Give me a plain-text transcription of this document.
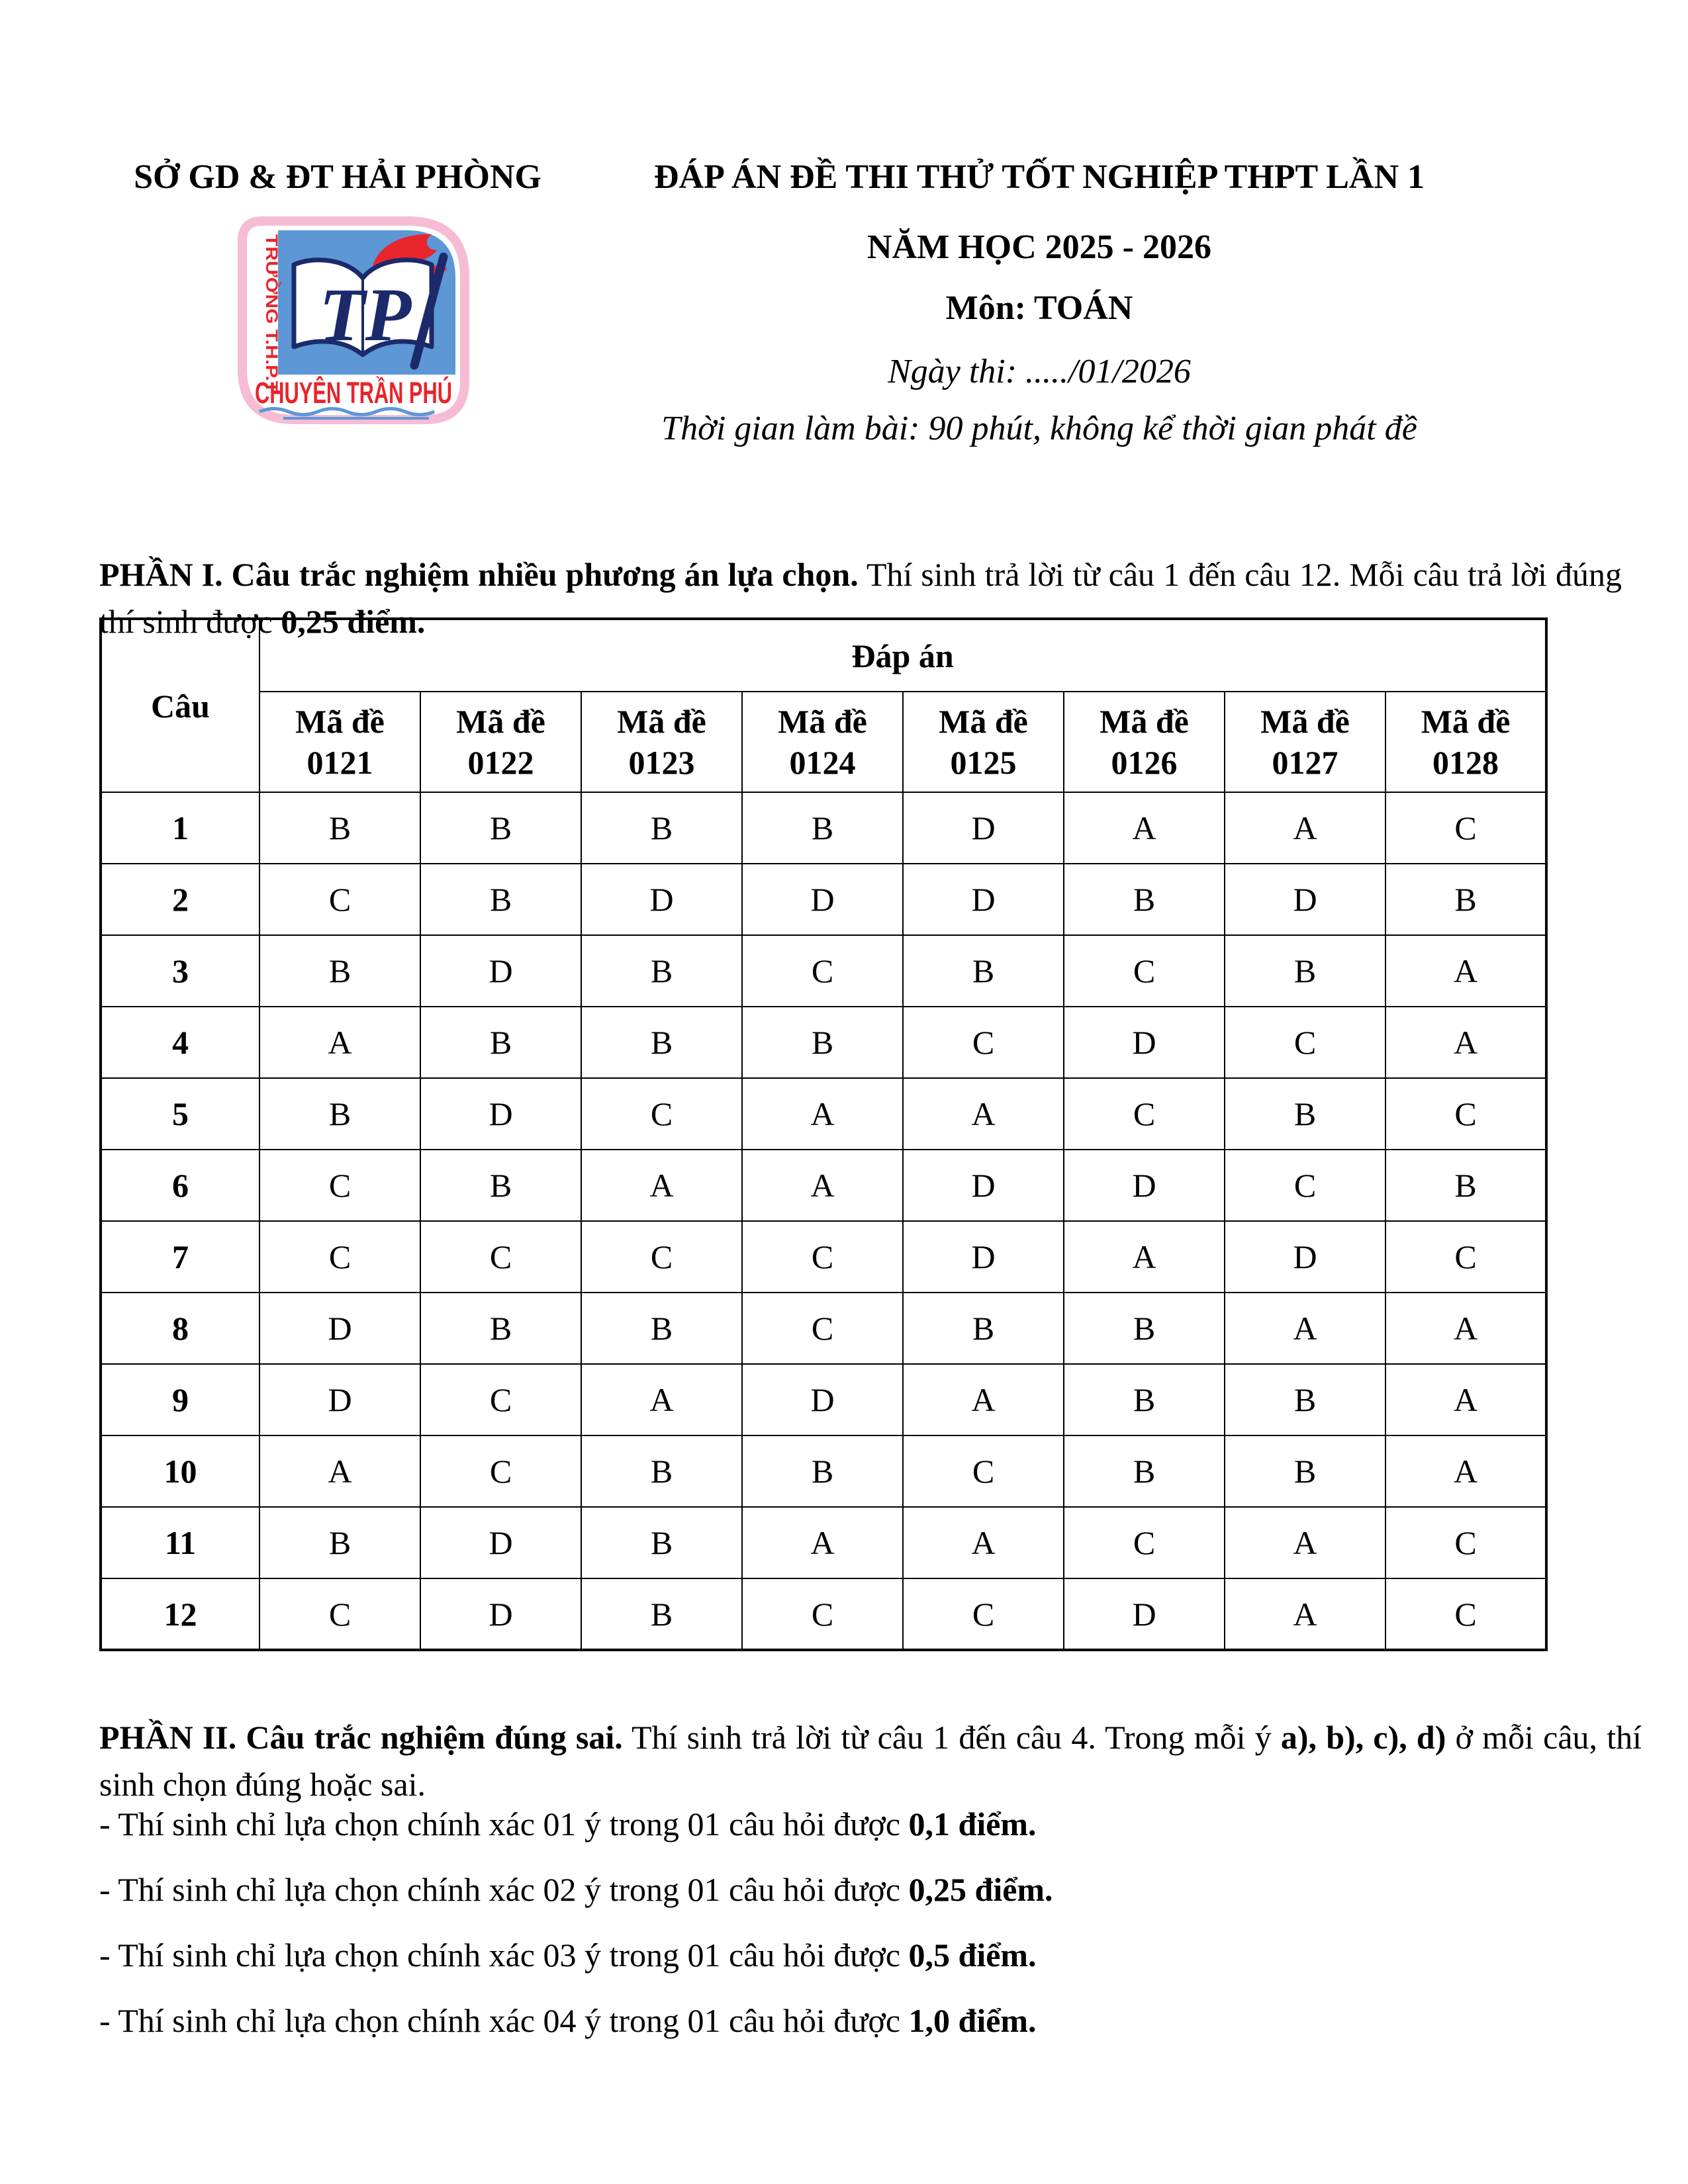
SỞ GD & ĐT HẢI PHÒNG
TP
TRƯỜNG T.H.P.T
CHUYÊN TRẦN PHÚ
ĐÁP ÁN ĐỀ THI THỬ TỐT NGHIỆP THPT LẦN 1
NĂM HỌC 2025 - 2026
Môn: TOÁN
Ngày thi: ...../01/2026
Thời gian làm bài: 90 phút, không kể thời gian phát đề

PHẦN I. Câu trắc nghiệm nhiều phương án lựa chọn. Thí sinh trả lời từ câu 1 đến câu 12. Mỗi câu trả lời đúng thí sinh được 0,25 điểm.

Câu	Đáp án							

Mã đề
0121

Mã đề
0122

Mã đề
0123

Mã đề
0124

Mã đề
0125

Mã đề
0126

Mã đề
0127

Mã đề
0128

1	B	B	B	B	D	A	A	C
2	C	B	D	D	D	B	D	B
3	B	D	B	C	B	C	B	A
4	A	B	B	B	C	D	C	A
5	B	D	C	A	A	C	B	C
6	C	B	A	A	D	D	C	B
7	C	C	C	C	D	A	D	C
8	D	B	B	C	B	B	A	A
9	D	C	A	D	A	B	B	A
10	A	C	B	B	C	B	B	A
11	B	D	B	A	A	C	A	C
12	C	D	B	C	C	D	A	C

PHẦN II. Câu trắc nghiệm đúng sai. Thí sinh trả lời từ câu 1 đến câu 4. Trong mỗi ý a), b), c), d) ở mỗi câu, thí sinh chọn đúng hoặc sai.

- Thí sinh chỉ lựa chọn chính xác 01 ý trong 01 câu hỏi được 0,1 điểm.

- Thí sinh chỉ lựa chọn chính xác 02 ý trong 01 câu hỏi được 0,25 điểm.

- Thí sinh chỉ lựa chọn chính xác 03 ý trong 01 câu hỏi được 0,5 điểm.

- Thí sinh chỉ lựa chọn chính xác 04 ý trong 01 câu hỏi được 1,0 điểm.
